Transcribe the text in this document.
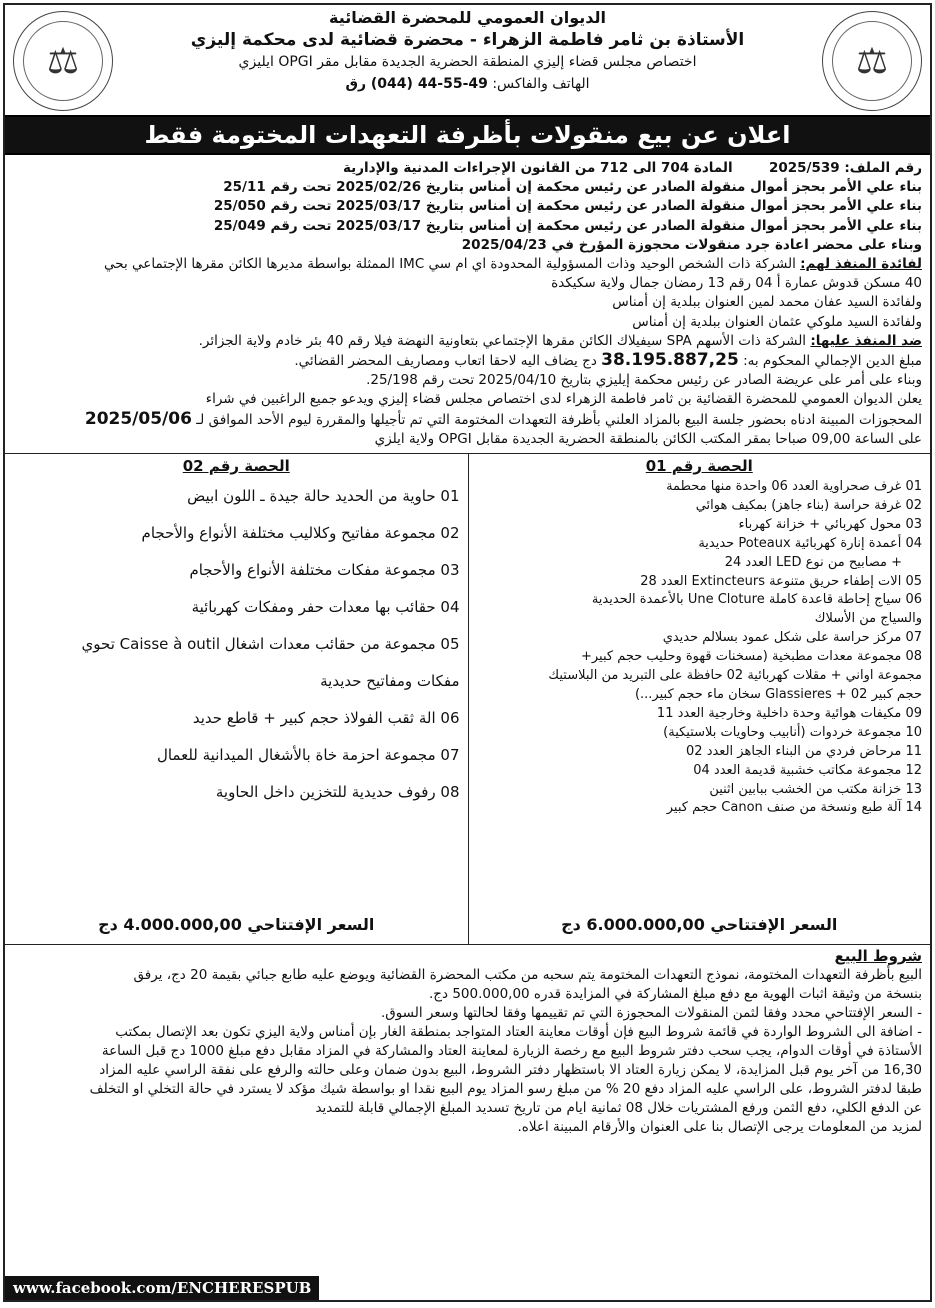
⚖
⚖
الديوان العمومي للمحضرة القضائية
الأستاذة بن ثامر فاطمة الزهراء - محضرة قضائية لدى محكمة إليزي
اختصاص مجلس قضاء إليزي المنطقة الحضرية الجديدة مقابل مقر OPGI ايليزي
الهاتف والفاكس: 49-55-44 (044) رق
اعلان عن بيع منقولات بأظرفة التعهدات المختومة فقط
رقم الملف: 2025/539
المادة 704 الى 712 من القانون الإجراءات المدنية والإدارية
بناء علي الأمر بحجز أموال منقولة الصادر عن رئيس محكمة إن أمناس بتاريخ 2025/02/26 تحت رقم 25/11
بناء علي الأمر بحجز أموال منقولة الصادر عن رئيس محكمة إن أمناس بتاريخ 2025/03/17 تحت رقم 25/050
بناء علي الأمر بحجز أموال منقولة الصادر عن رئيس محكمة إن أمناس بتاريخ 2025/03/17 تحت رقم 25/049
وبناء على محضر اعادة جرد منقولات محجوزة المؤرخ في 2025/04/23
لفائدة المنفذ لهم: الشركة ذات الشخص الوحيد وذات المسؤولية المحدودة اي ام سي IMC الممثلة بواسطة مديرها الكائن مقرها الإجتماعي بحي
40 مسكن قدوش عمارة أ 04 رقم 13 رمضان جمال ولاية سكيكدة
ولفائدة السيد عفان محمد لمين العنوان ببلدية إن أمناس
ولفائدة السيد ملوكي عثمان العنوان ببلدية إن أمناس
ضد المنفذ عليها: الشركة ذات الأسهم SPA سيفيلاك الكائن مقرها الإجتماعي بتعاونية النهضة فيلا رقم 40 بئر خادم ولاية الجزائر.
مبلغ الدين الإجمالي المحكوم به: 38.195.887,25 دج يضاف اليه لاحقا اتعاب ومصاريف المحضر القضائي.
وبناء على أمر على عريضة الصادر عن رئيس محكمة إيليزي بتاريخ 2025/04/10 تحت رقم 25/198.
يعلن الديوان العمومي للمحضرة القضائية بن ثامر فاطمة الزهراء لدى اختصاص مجلس قضاء إليزي ويدعو جميع الراغبين في شراء
المحجوزات المبينة ادناه بحضور جلسة البيع بالمزاد العلني بأظرفة التعهدات المختومة التي تم تأجيلها والمقررة ليوم الأحد الموافق لـ 2025/05/06
على الساعة 09,00 صباحا بمقر المكتب الكائن بالمنطقة الحضرية الجديدة مقابل OPGI ولاية ايلزي
الحصة رقم 01
01 غرف صحراوية العدد 06 واحدة منها محطمة
02 غرفة حراسة (بناء جاهز) بمكيف هوائي
03 محول كهربائي + خزانة كهرباء
04 أعمدة إنارة كهربائية Poteaux حديدية
+ مصابيح من نوع LED العدد 24
05 الات إطفاء حريق متنوعة Extincteurs العدد 28
06 سياج إحاطة قاعدة كاملة Une Cloture بالأعمدة الحديدية
والسياج من الأسلاك
07 مركز حراسة على شكل عمود بسلالم حديدي
08 مجموعة معدات مطبخية (مسخنات قهوة وحليب حجم كبير+
مجموعة اواني + مقلات كهربائية 02 حافظة على التبريد من البلاستيك
حجم كبير 02 + Glassieres سخان ماء حجم كبير...)
09 مكيفات هوائية وحدة داخلية وخارجية العدد 11
10 مجموعة خردوات (أنابيب وحاويات بلاستيكية)
11 مرحاض فردي من البناء الجاهز العدد 02
12 مجموعة مكاتب خشبية قديمة العدد 04
13 خزانة مكتب من الخشب ببابين اثنين
14 آلة طبع ونسخة من صنف Canon حجم كبير
السعر الإفتتاحي 6.000.000,00 دج
الحصة رقم 02
01 حاوية من الحديد حالة جيدة ـ اللون ابيض
02 مجموعة مفاتيح وكلاليب مختلفة الأنواع والأحجام
03 مجموعة مفكات مختلفة الأنواع والأحجام
04 حقائب بها معدات حفر ومفكات كهربائية
05 مجموعة من حقائب معدات اشغال Caisse à outil تحوي
مفكات ومفاتيح حديدية
06 الة ثقب الفولاذ حجم كبير + قاطع حديد
07 مجموعة احزمة خاة بالأشغال الميدانية للعمال
08 رفوف حديدية للتخزين داخل الحاوية
السعر الإفتتاحي 4.000.000,00 دج
شروط البيع
البيع بأظرفة التعهدات المختومة، نموذج التعهدات المختومة يتم سحبه من مكتب المحضرة القضائية ويوضع عليه طابع جبائي بقيمة 20 دج، يرفق
بنسخة من وثيقة اثبات الهوية مع دفع مبلغ المشاركة في المزايدة قدره 500.000,00 دج.
- السعر الإفتتاحي محدد وفقا لثمن المنقولات المحجوزة التي تم تقييمها وفقا لحالتها وسعر السوق.
- اضافة الى الشروط الواردة في قائمة شروط البيع فإن أوقات معاينة العتاد المتواجد بمنطقة الغار بإن أمناس ولاية اليزي تكون بعد الإتصال بمكتب
الأستاذة في أوقات الدوام، يجب سحب دفتر شروط البيع مع رخصة الزيارة لمعاينة العتاد والمشاركة في المزاد مقابل دفع مبلغ 1000 دج قبل الساعة
16,30 من آخر يوم قبل المزايدة، لا يمكن زيارة العتاد الا باستظهار دفتر الشروط، البيع بدون ضمان وعلى حالته والرفع على نفقة الراسي عليه المزاد
طبقا لدفتر الشروط، على الراسي عليه المزاد دفع 20 % من مبلغ رسو المزاد يوم البيع نقدا او بواسطة شيك مؤكد لا يسترد في حالة التخلي او التخلف
عن الدفع الكلي، دفع الثمن ورفع المشتريات خلال 08 ثمانية ايام من تاريخ تسديد المبلغ الإجمالي قابلة للتمديد
لمزيد من المعلومات يرجى الإتصال بنا على العنوان والأرقام المبينة اعلاه.
www.facebook.com/ENCHERESPUB
